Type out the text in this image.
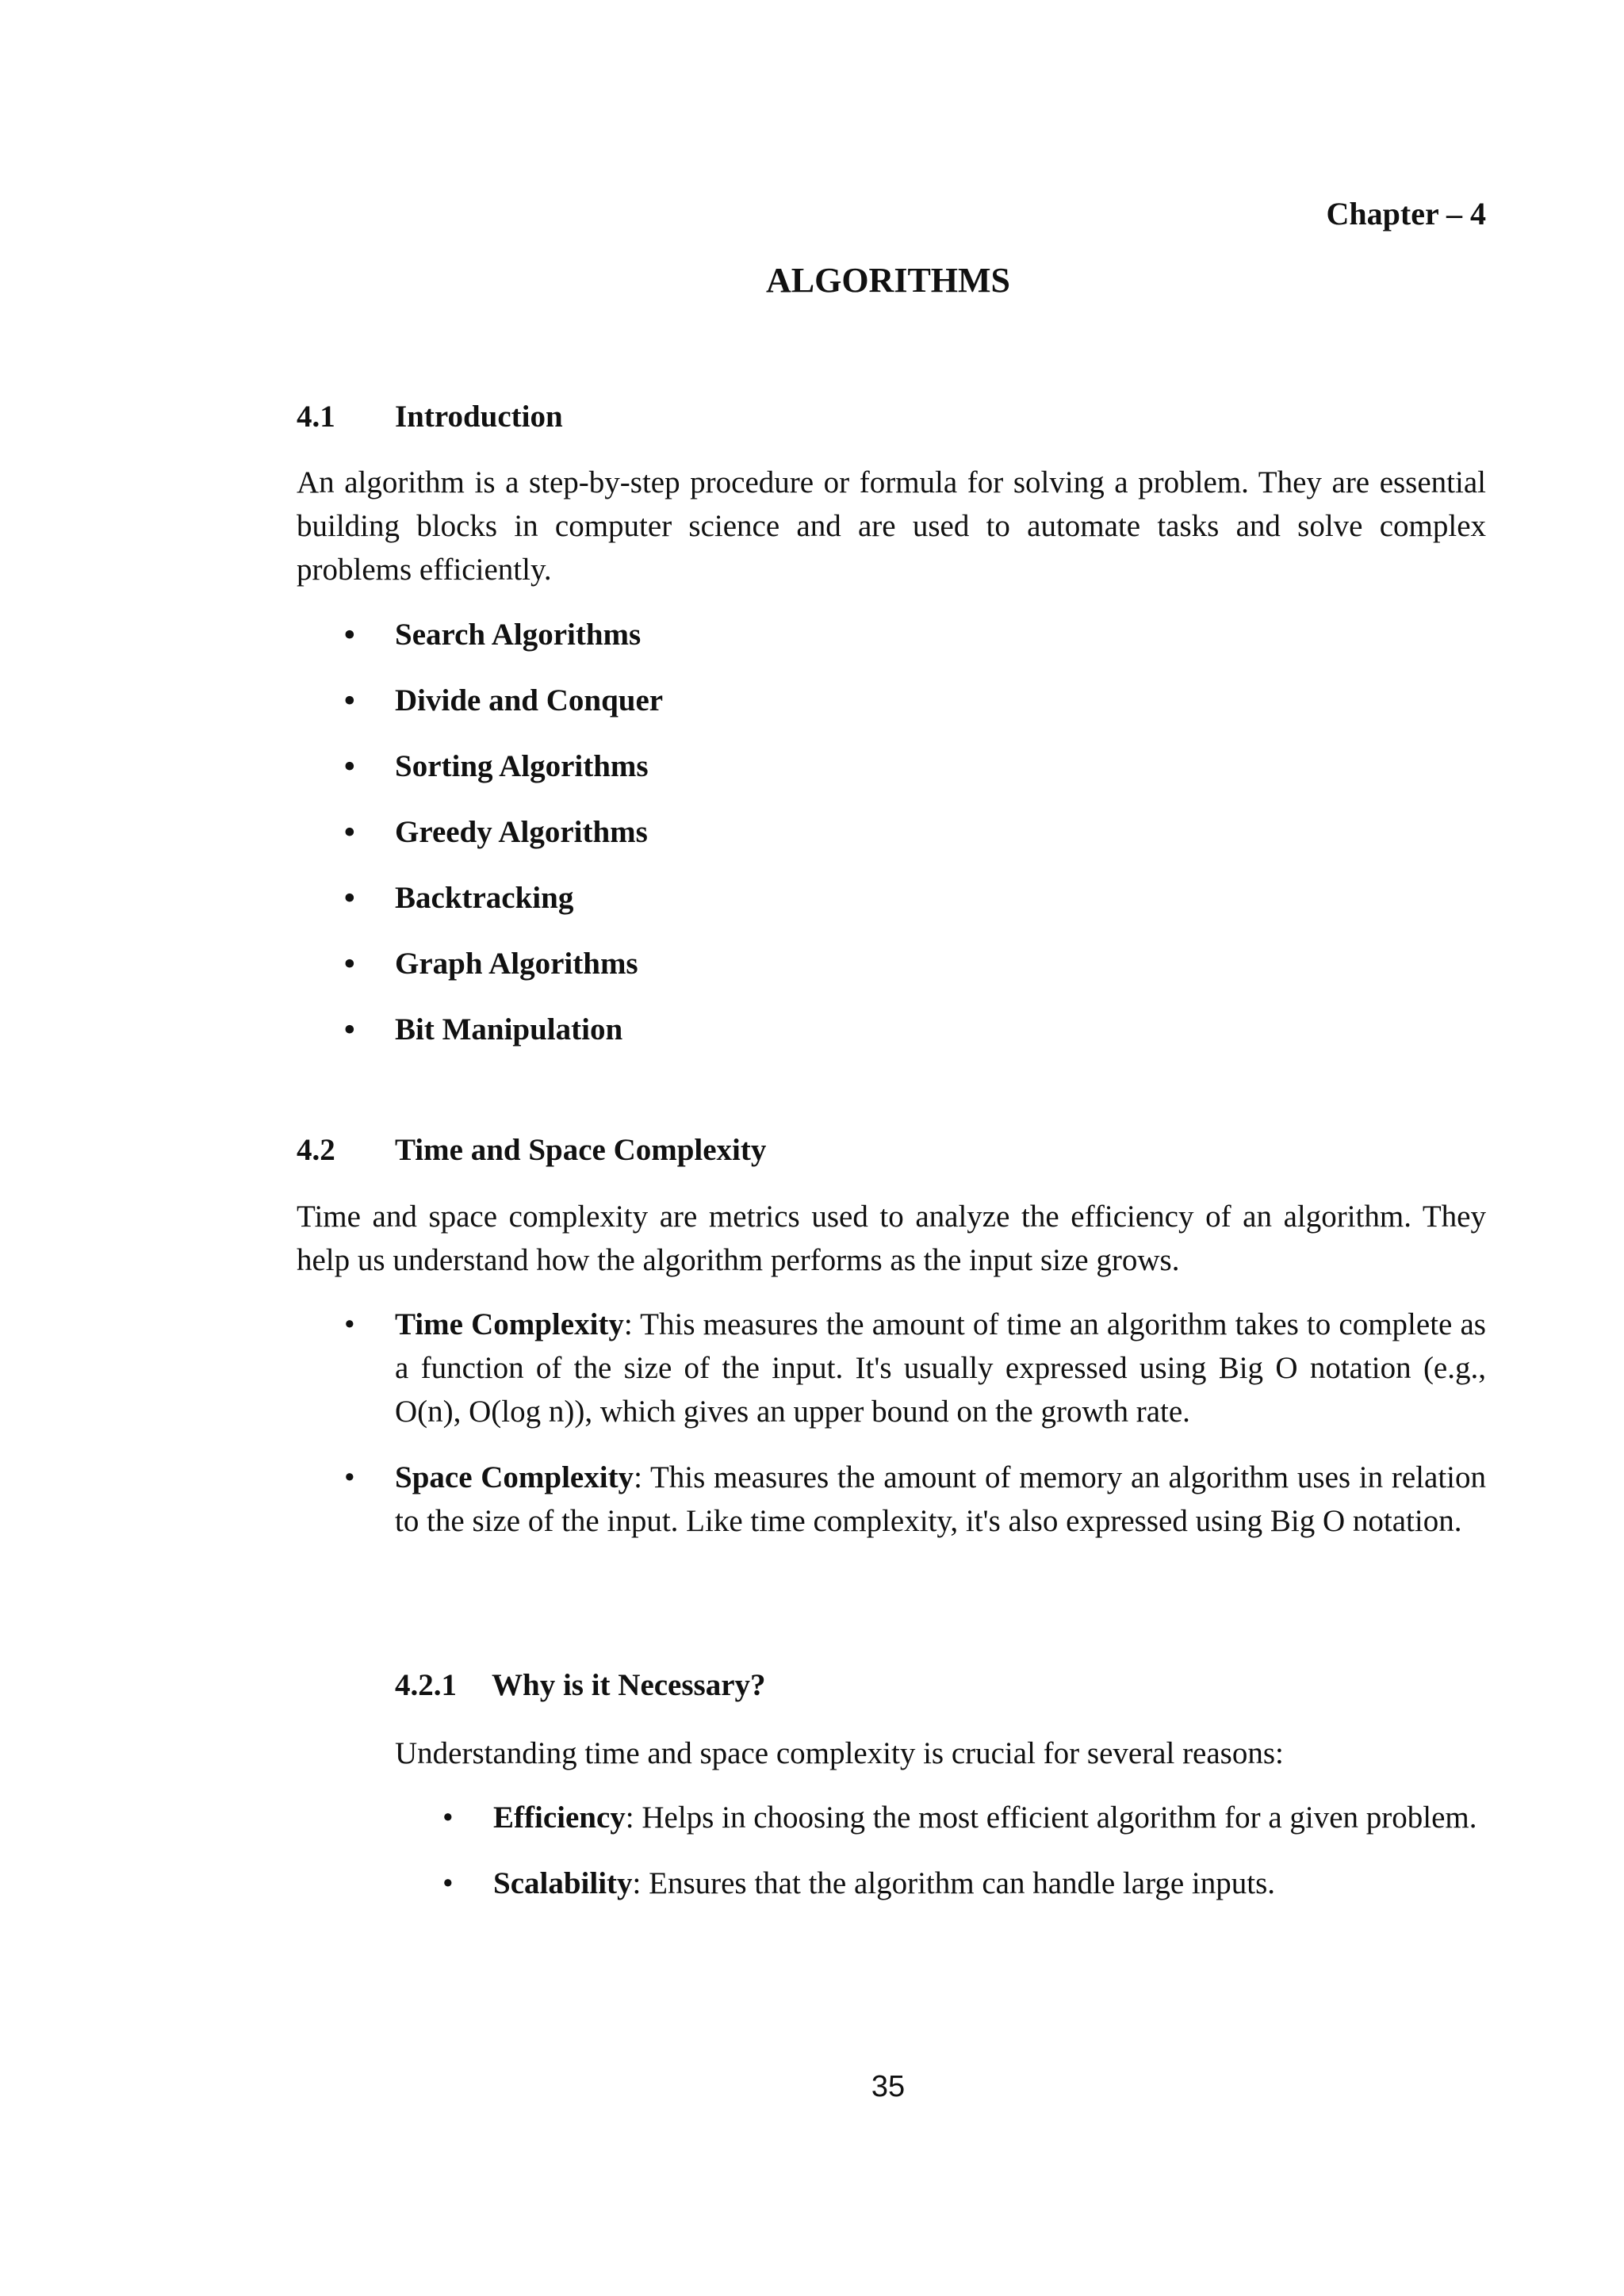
Chapter – 4
ALGORITHMS
4.1	Introduction

An algorithm is a step-by-step procedure or formula for solving a problem. They are essential building blocks in computer science and are used to automate tasks and solve complex problems efficiently.

• Search Algorithms
• Divide and Conquer
• Sorting Algorithms
• Greedy Algorithms
• Backtracking
• Graph Algorithms
• Bit Manipulation
4.2	Time and Space Complexity

Time and space complexity are metrics used to analyze the efficiency of an algorithm. They help us understand how the algorithm performs as the input size grows.

• Time Complexity: This measures the amount of time an algorithm takes to complete as a function of the size of the input. It's usually expressed using Big O notation (e.g., O(n), O(log n)), which gives an upper bound on the growth rate.
• Space Complexity: This measures the amount of memory an algorithm uses in relation to the size of the input. Like time complexity, it's also expressed using Big O notation.
4.2.1	Why is it Necessary?

Understanding time and space complexity is crucial for several reasons:

• Efficiency: Helps in choosing the most efficient algorithm for a given problem.
• Scalability: Ensures that the algorithm can handle large inputs.

35
